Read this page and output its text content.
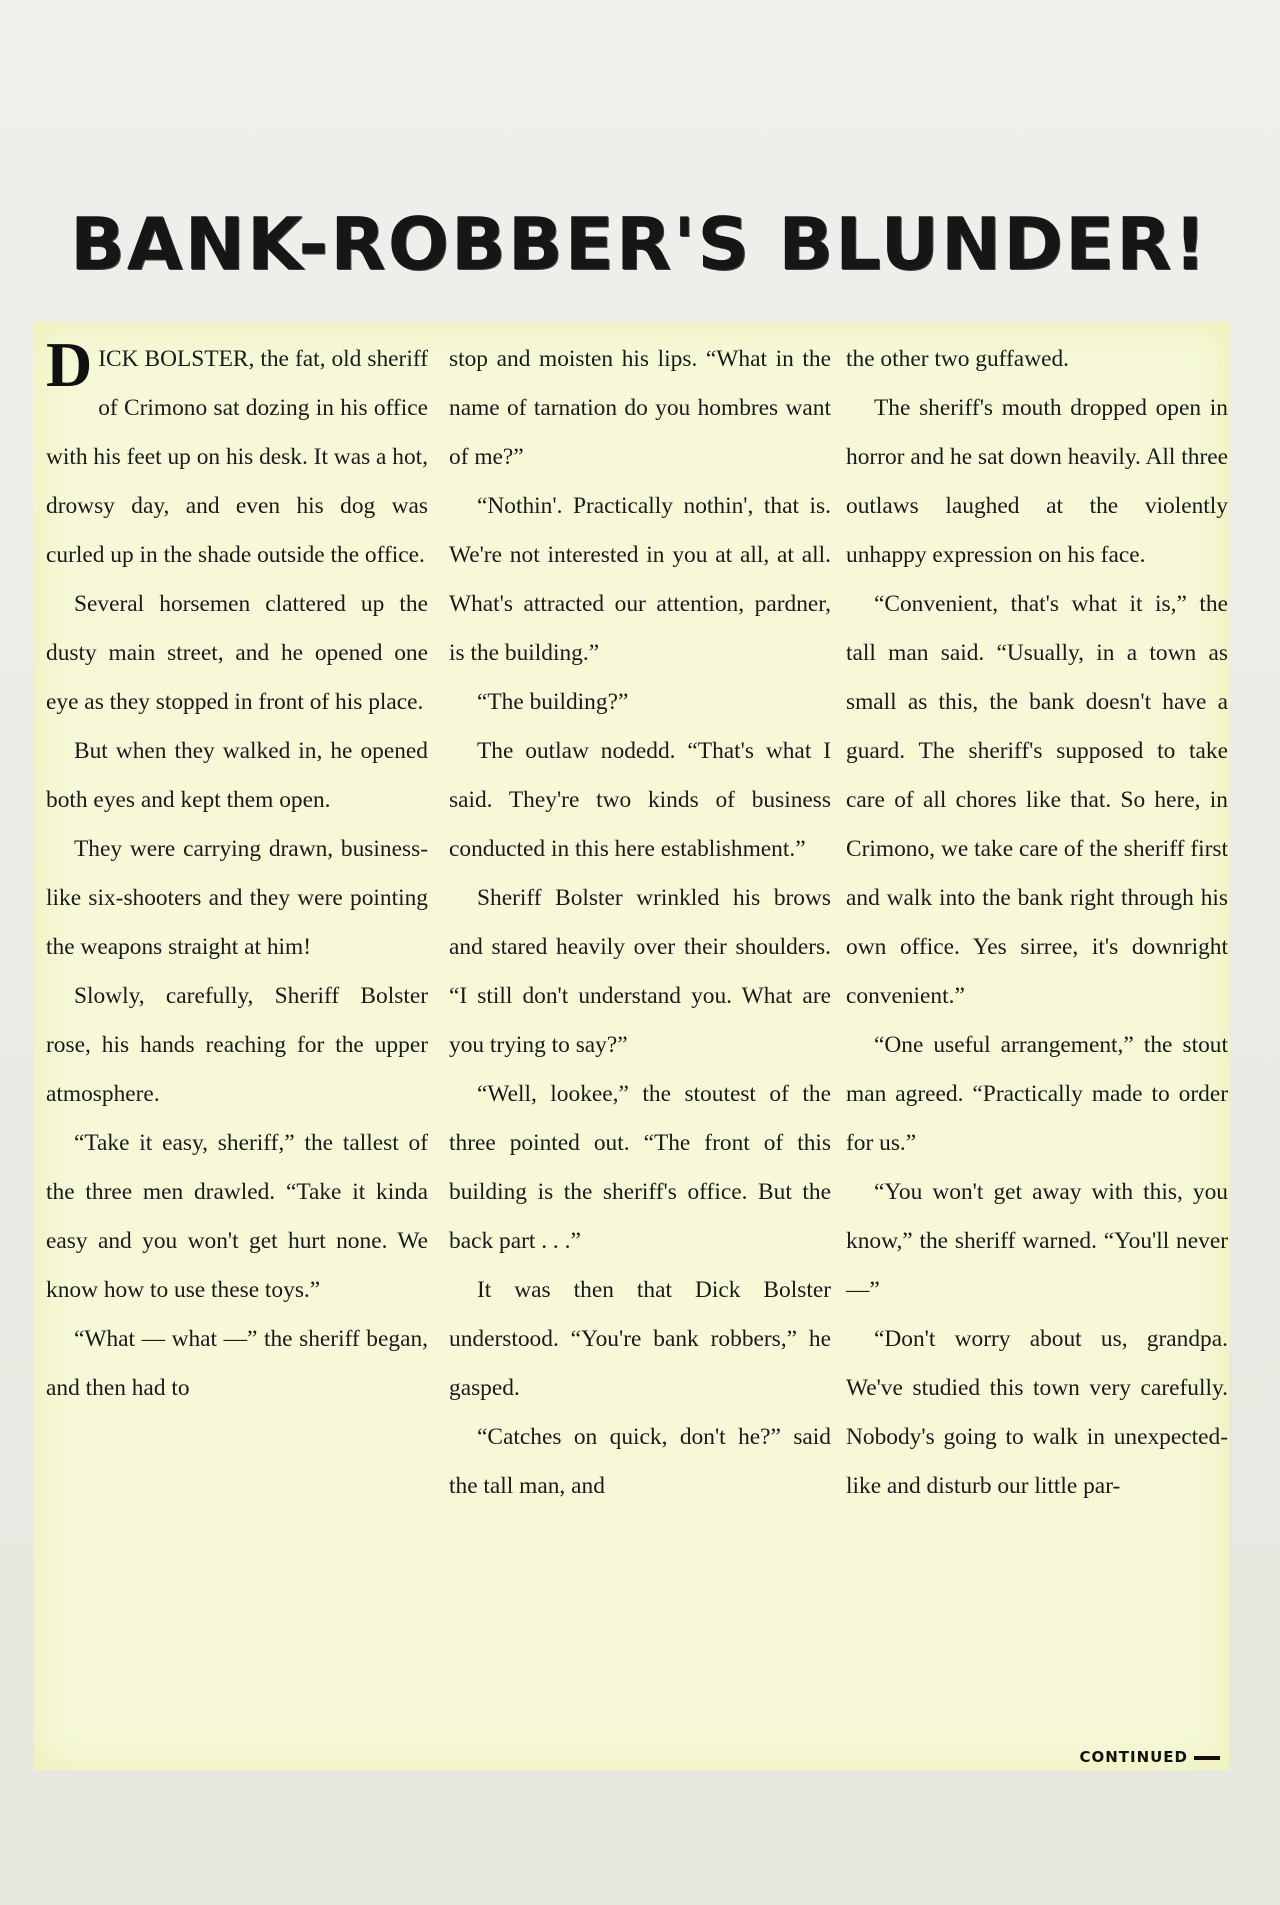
BANK-ROBBER'S BLUNDER!

DICK BOLSTER, the fat, old sheriff of Crimono sat dozing in his office with his feet up on his desk. It was a hot, drowsy day, and even his dog was curled up in the shade outside the office.

Several horsemen clattered up the dusty main street, and he opened one eye as they stopped in front of his place.

But when they walked in, he opened both eyes and kept them open.

They were carrying drawn, business-like six-shooters and they were pointing the weapons straight at him!

Slowly, carefully, Sheriff Bolster rose, his hands reaching for the upper atmosphere.

“Take it easy, sheriff,” the tallest of the three men drawled. “Take it kinda easy and you won't get hurt none. We know how to use these toys.”

“What — what —” the sheriff began, and then had to

stop and moisten his lips. “What in the name of tarnation do you hombres want of me?”

“Nothin'. Practically nothin', that is. We're not interested in you at all, at all. What's attracted our attention, pardner, is the building.”

“The building?”

The outlaw nodedd. “That's what I said. They're two kinds of business conducted in this here establishment.”

Sheriff Bolster wrinkled his brows and stared heavily over their shoulders. “I still don't understand you. What are you trying to say?”

“Well, lookee,” the stoutest of the three pointed out. “The front of this building is the sheriff's office. But the back part . . .”

It was then that Dick Bolster understood. “You're bank robbers,” he gasped.

“Catches on quick, don't he?” said the tall man, and

the other two guffawed.

The sheriff's mouth dropped open in horror and he sat down heavily. All three outlaws laughed at the violently unhappy expression on his face.

“Convenient, that's what it is,” the tall man said. “Usually, in a town as small as this, the bank doesn't have a guard. The sheriff's supposed to take care of all chores like that. So here, in Crimono, we take care of the sheriff first and walk into the bank right through his own office. Yes sirree, it's downright convenient.”

“One useful arrangement,” the stout man agreed. “Practically made to order for us.”

“You won't get away with this, you know,” the sheriff warned. “You'll never—”

“Don't worry about us, grandpa. We've studied this town very carefully. Nobody's going to walk in unexpected-like and disturb our little par-

CONTINUED
